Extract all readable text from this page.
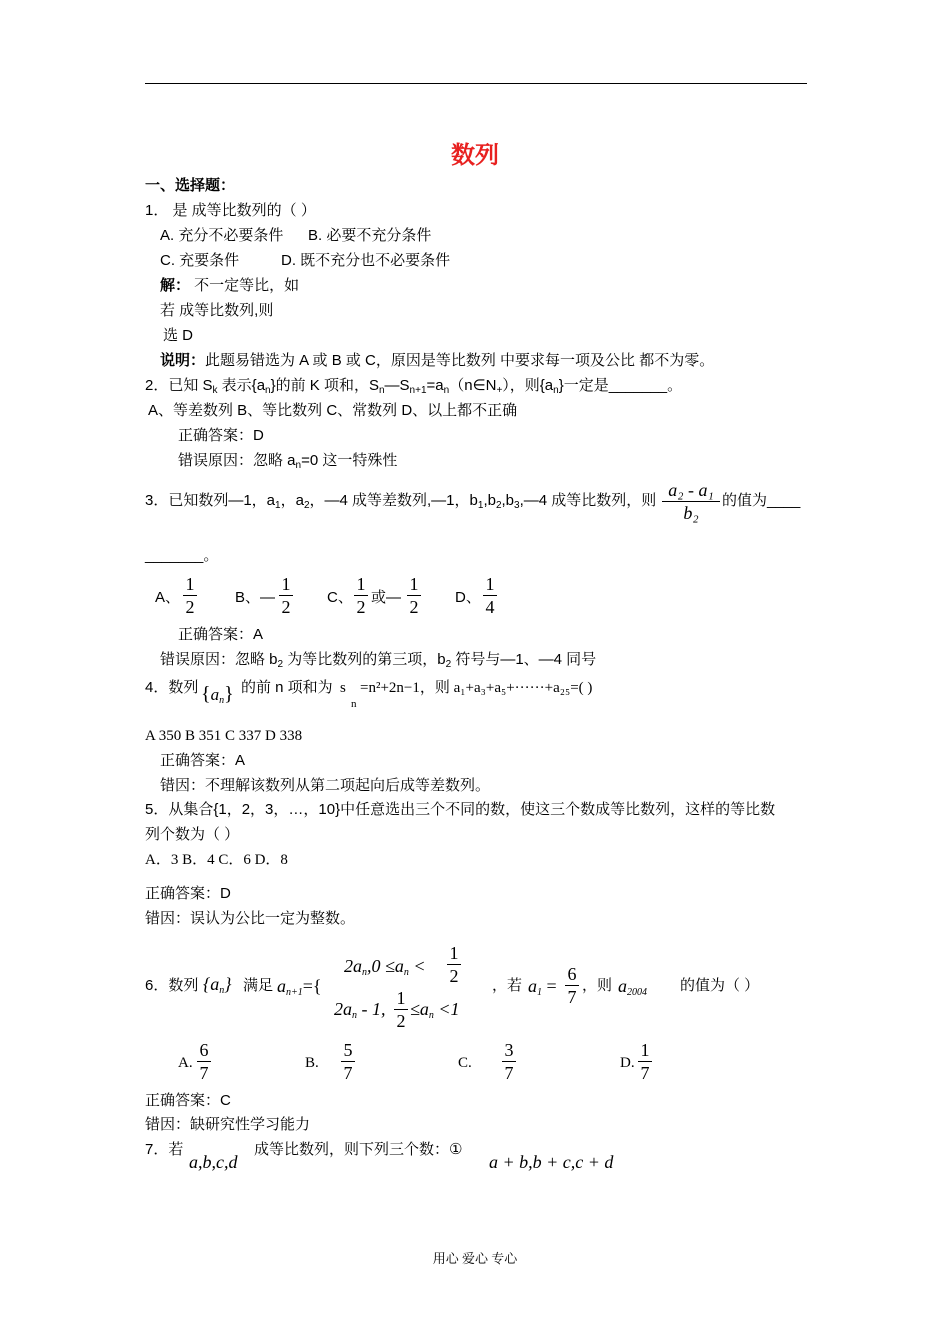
数列
一、选择题：
1． 是 成等比数列的（ ）
A. 充分不必要条件 B. 必要不充分条件
C. 充要条件	D. 既不充分也不必要条件
解： 不一定等比，如
若 成等比数列,则
选 D
说明：此题易错选为 A 或 B 或 C，原因是等比数列 中要求每一项及公比 都不为零。
2．已知 $S_k$ 表示$\{a_n\}$的前 K 项和，$S_n—S_{n+1}=a_n(n\in N_+)$，则$\{a_n\}$一定是_______。
A、等差数列 B、等比数列 C、常数列 D、以上都不正确
正确答案：D
错误原因：忽略 $a_n=0$ 这一特殊性
3．已知数列—1，$a_1$，$a_2$，—4 成等差数列,—1，$b_1,b_2,b_3,—4$ 成等比数列，则
a₂ - a₁
b₂
的值为____
_______。
A、
1
2	B、—
1
2 C、
1
2 或—
1
2 D、
1
4
正确答案：A
错误原因：忽略 $b_2$ 为等比数列的第三项，$b_2$ 符号与—1、—4 同号
4．数列 $\{a_n\}$ 的前 n 项和为 s
n
=n²+2n−1，则 a₁+a₃+a₅+······+a₂₅=( )
A 350 B 351 C 337 D 338
正确答案：A
错因：不理解该数列从第二项起向后成等差数列。
5．从集合{1，2，3，…，10}中任意选出三个不同的数，使这三个数成等比数列，这样的等比数
列个数为（ ）
A．3 B．4 C．6 D．8
正确答案：D
错因：误认为公比一定为整数。
6．数列 $\{a_n\}$ 满足 $a_{n+1}=${
$2a_n,0 \le a_n$ <
1
2
$2a_n - 1$,
1
2
$\le a_n <1$
，若 $a_1$ =
6
7
，则 $a_{2004}$ 的值为（ ）
A.
6
7	B.
5
7	C.
3
7	D.
1
7
正确答案：C
错因：缺研究性学习能力
7．若
a,b,c,d
成等比数列，则下列三个数：①
a + b,b + c,c + d
用心 爱心 专心
